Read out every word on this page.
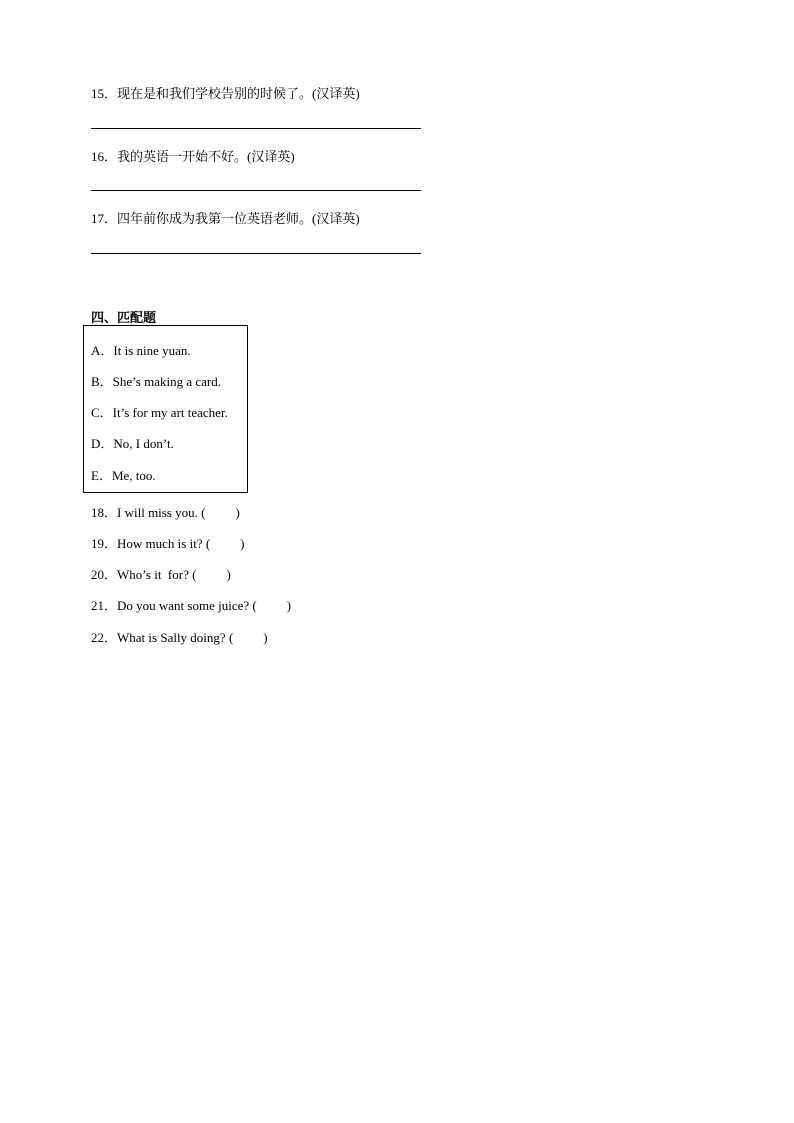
15．现在是和我们学校告别的时候了。(汉译英)
16．我的英语一开始不好。(汉译英)
17．四年前你成为我第一位英语老师。(汉译英)
四、匹配题
A．It is nine yuan.
B．She’s making a card.
C．It’s for my art teacher.
D．No, I don’t.
E．Me, too.
18．I will miss you. ( )
19．How much is it? ( )
20．Who’s it  for? ( )
21．Do you want some juice? ( )
22．What is Sally doing? ( )
